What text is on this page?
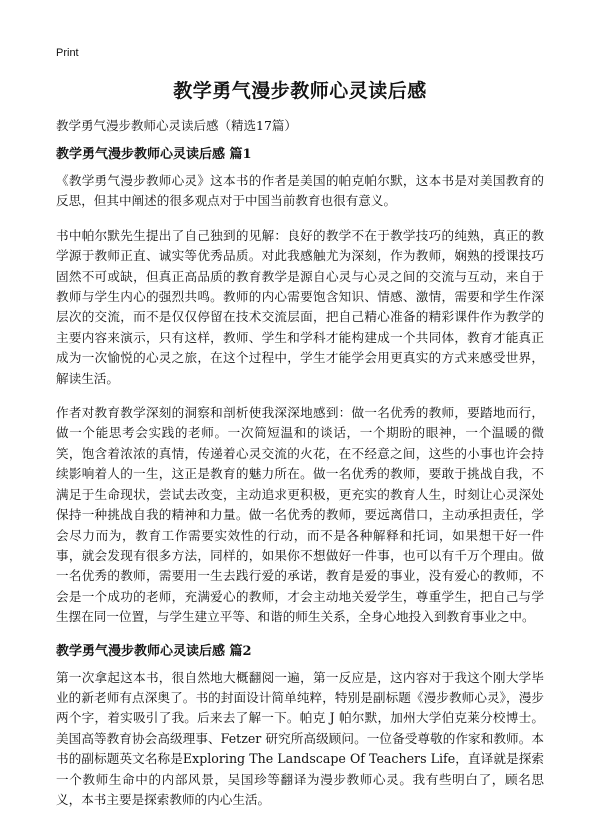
Print
教学勇气漫步教师心灵读后感
教学勇气漫步教师心灵读后感（精选17篇）
教学勇气漫步教师心灵读后感 篇1

《教学勇气漫步教师心灵》这本书的作者是美国的帕克帕尔默，这本书是对美国教育的反思，但其中阐述的很多观点对于中国当前教育也很有意义。

书中帕尔默先生提出了自己独到的见解：良好的教学不在于教学技巧的纯熟，真正的教学源于教师正直、诚实等优秀品质。对此我感触尤为深刻，作为教师，娴熟的授课技巧固然不可或缺，但真正高品质的教育教学是源自心灵与心灵之间的交流与互动，来自于教师与学生内心的强烈共鸣。教师的内心需要饱含知识、情感、激情，需要和学生作深层次的交流，而不是仅仅停留在技术交流层面，把自己精心准备的精彩课件作为教学的主要内容来演示，只有这样，教师、学生和学科才能构建成一个共同体，教育才能真正成为一次愉悦的心灵之旅，在这个过程中，学生才能学会用更真实的方式来感受世界，解读生活。

作者对教育教学深刻的洞察和剖析使我深深地感到：做一名优秀的教师，要踏地而行，做一个能思考会实践的老师。一次简短温和的谈话，一个期盼的眼神，一个温暖的微笑，饱含着浓浓的真情，传递着心灵交流的火花，在不经意之间，这些的小事也许会持续影响着人的一生，这正是教育的魅力所在。做一名优秀的教师，要敢于挑战自我，不满足于生命现状，尝试去改变，主动追求更积极，更充实的教育人生，时刻让心灵深处保持一种挑战自我的精神和力量。做一名优秀的教师，要远离借口，主动承担责任，学会尽力而为，教育工作需要实效性的行动，而不是各种解释和托词，如果想干好一件事，就会发现有很多方法，同样的，如果你不想做好一件事，也可以有千万个理由。做一名优秀的教师，需要用一生去践行爱的承诺，教育是爱的事业，没有爱心的教师，不会是一个成功的老师，充满爱心的教师，才会主动地关爱学生，尊重学生，把自己与学生摆在同一位置，与学生建立平等、和谐的师生关系，全身心地投入到教育事业之中。

教学勇气漫步教师心灵读后感 篇2

第一次拿起这本书，很自然地大概翻阅一遍，第一反应是，这内容对于我这个刚大学毕业的新老师有点深奥了。书的封面设计简单纯粹，特别是副标题《漫步教师心灵》，漫步两个字，着实吸引了我。后来去了解一下。帕克 J 帕尔默，加州大学伯克莱分校博士。美国高等教育协会高级理事、Fetzer 研究所高级顾问。一位备受尊敬的作家和教师。本书的副标题英文名称是Exploring The Landscape Of Teachers Life，直译就是探索一个教师生命中的内部风景，吴国珍等翻译为漫步教师心灵。我有些明白了，顾名思义，本书主要是探索教师的内心生活。
